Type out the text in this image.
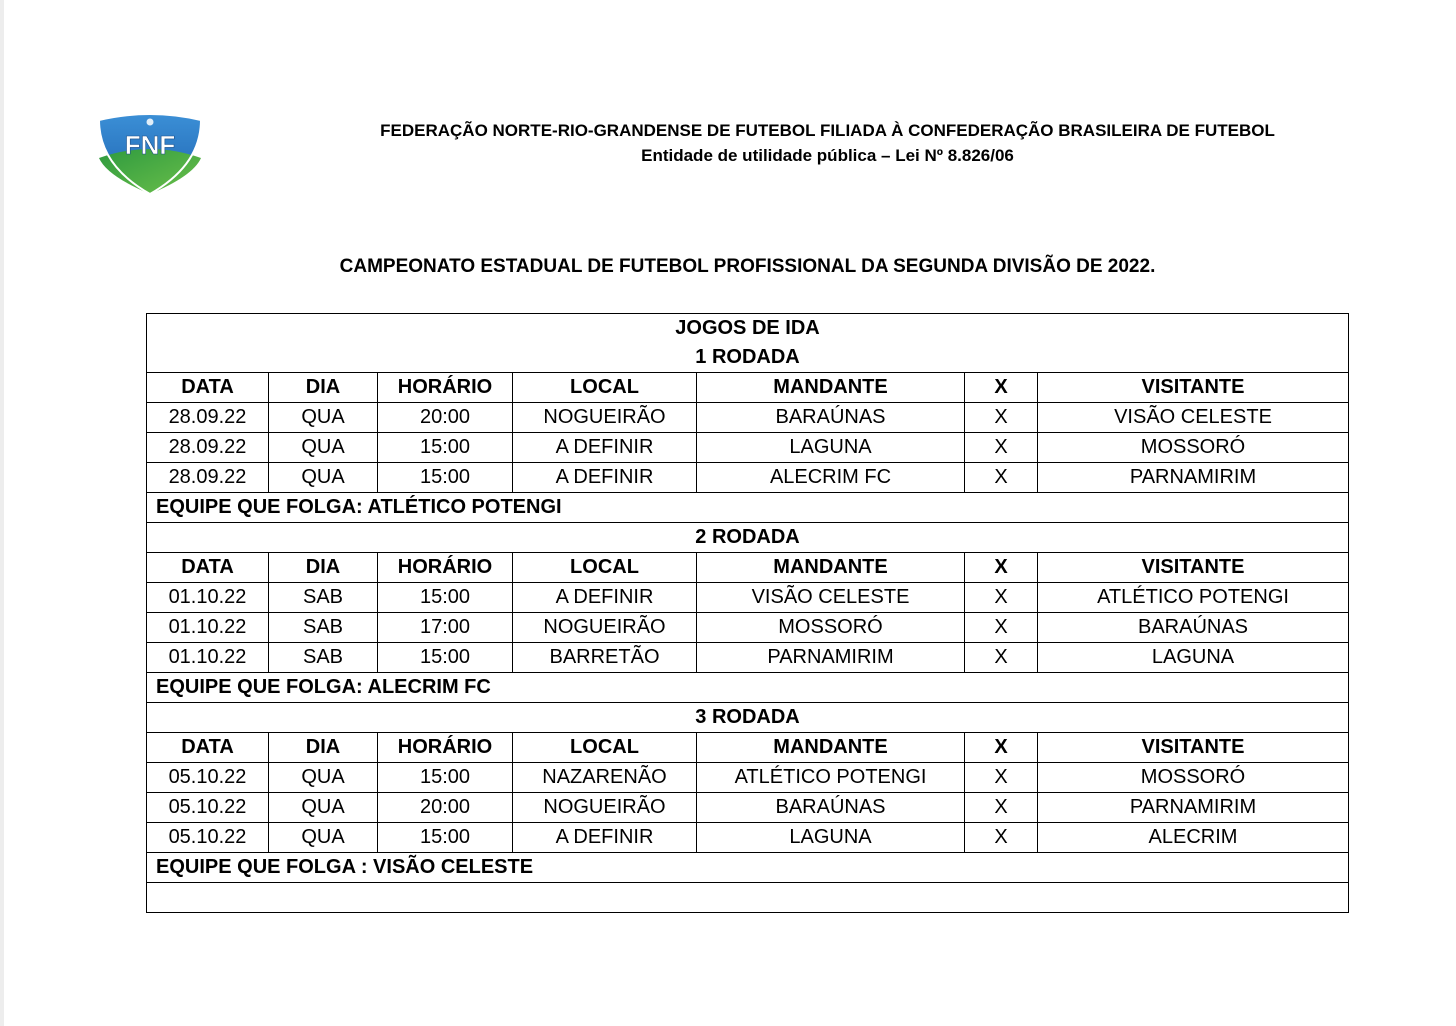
FNF	FEDERAÇÃO NORTE-RIO-GRANDENSE DE FUTEBOL FILIADA À CONFEDERAÇÃO BRASILEIRA DE FUTEBOL
Entidade de utilidade pública – Lei Nº 8.826/06
CAMPEONATO ESTADUAL DE FUTEBOL PROFISSIONAL DA SEGUNDA DIVISÃO DE 2022.
JOGOS DE IDA						
1 RODADA						
DATA	DIA	HORÁRIO	LOCAL	MANDANTE	X	VISITANTE
28.09.22	QUA	20:00	NOGUEIRÃO	BARAÚNAS	X	VISÃO CELESTE
28.09.22	QUA	15:00	A DEFINIR	LAGUNA	X	MOSSORÓ
28.09.22	QUA	15:00	A DEFINIR	ALECRIM FC	X	PARNAMIRIM
EQUIPE QUE FOLGA: ATLÉTICO POTENGI						
2 RODADA						
DATA	DIA	HORÁRIO	LOCAL	MANDANTE	X	VISITANTE
01.10.22	SAB	15:00	A DEFINIR	VISÃO CELESTE	X	ATLÉTICO POTENGI
01.10.22	SAB	17:00	NOGUEIRÃO	MOSSORÓ	X	BARAÚNAS
01.10.22	SAB	15:00	BARRETÃO	PARNAMIRIM	X	LAGUNA
EQUIPE QUE FOLGA: ALECRIM FC						
3 RODADA						
DATA	DIA	HORÁRIO	LOCAL	MANDANTE	X	VISITANTE
05.10.22	QUA	15:00	NAZARENÃO	ATLÉTICO POTENGI	X	MOSSORÓ
05.10.22	QUA	20:00	NOGUEIRÃO	BARAÚNAS	X	PARNAMIRIM
05.10.22	QUA	15:00	A DEFINIR	LAGUNA	X	ALECRIM
EQUIPE QUE FOLGA : VISÃO CELESTE						
